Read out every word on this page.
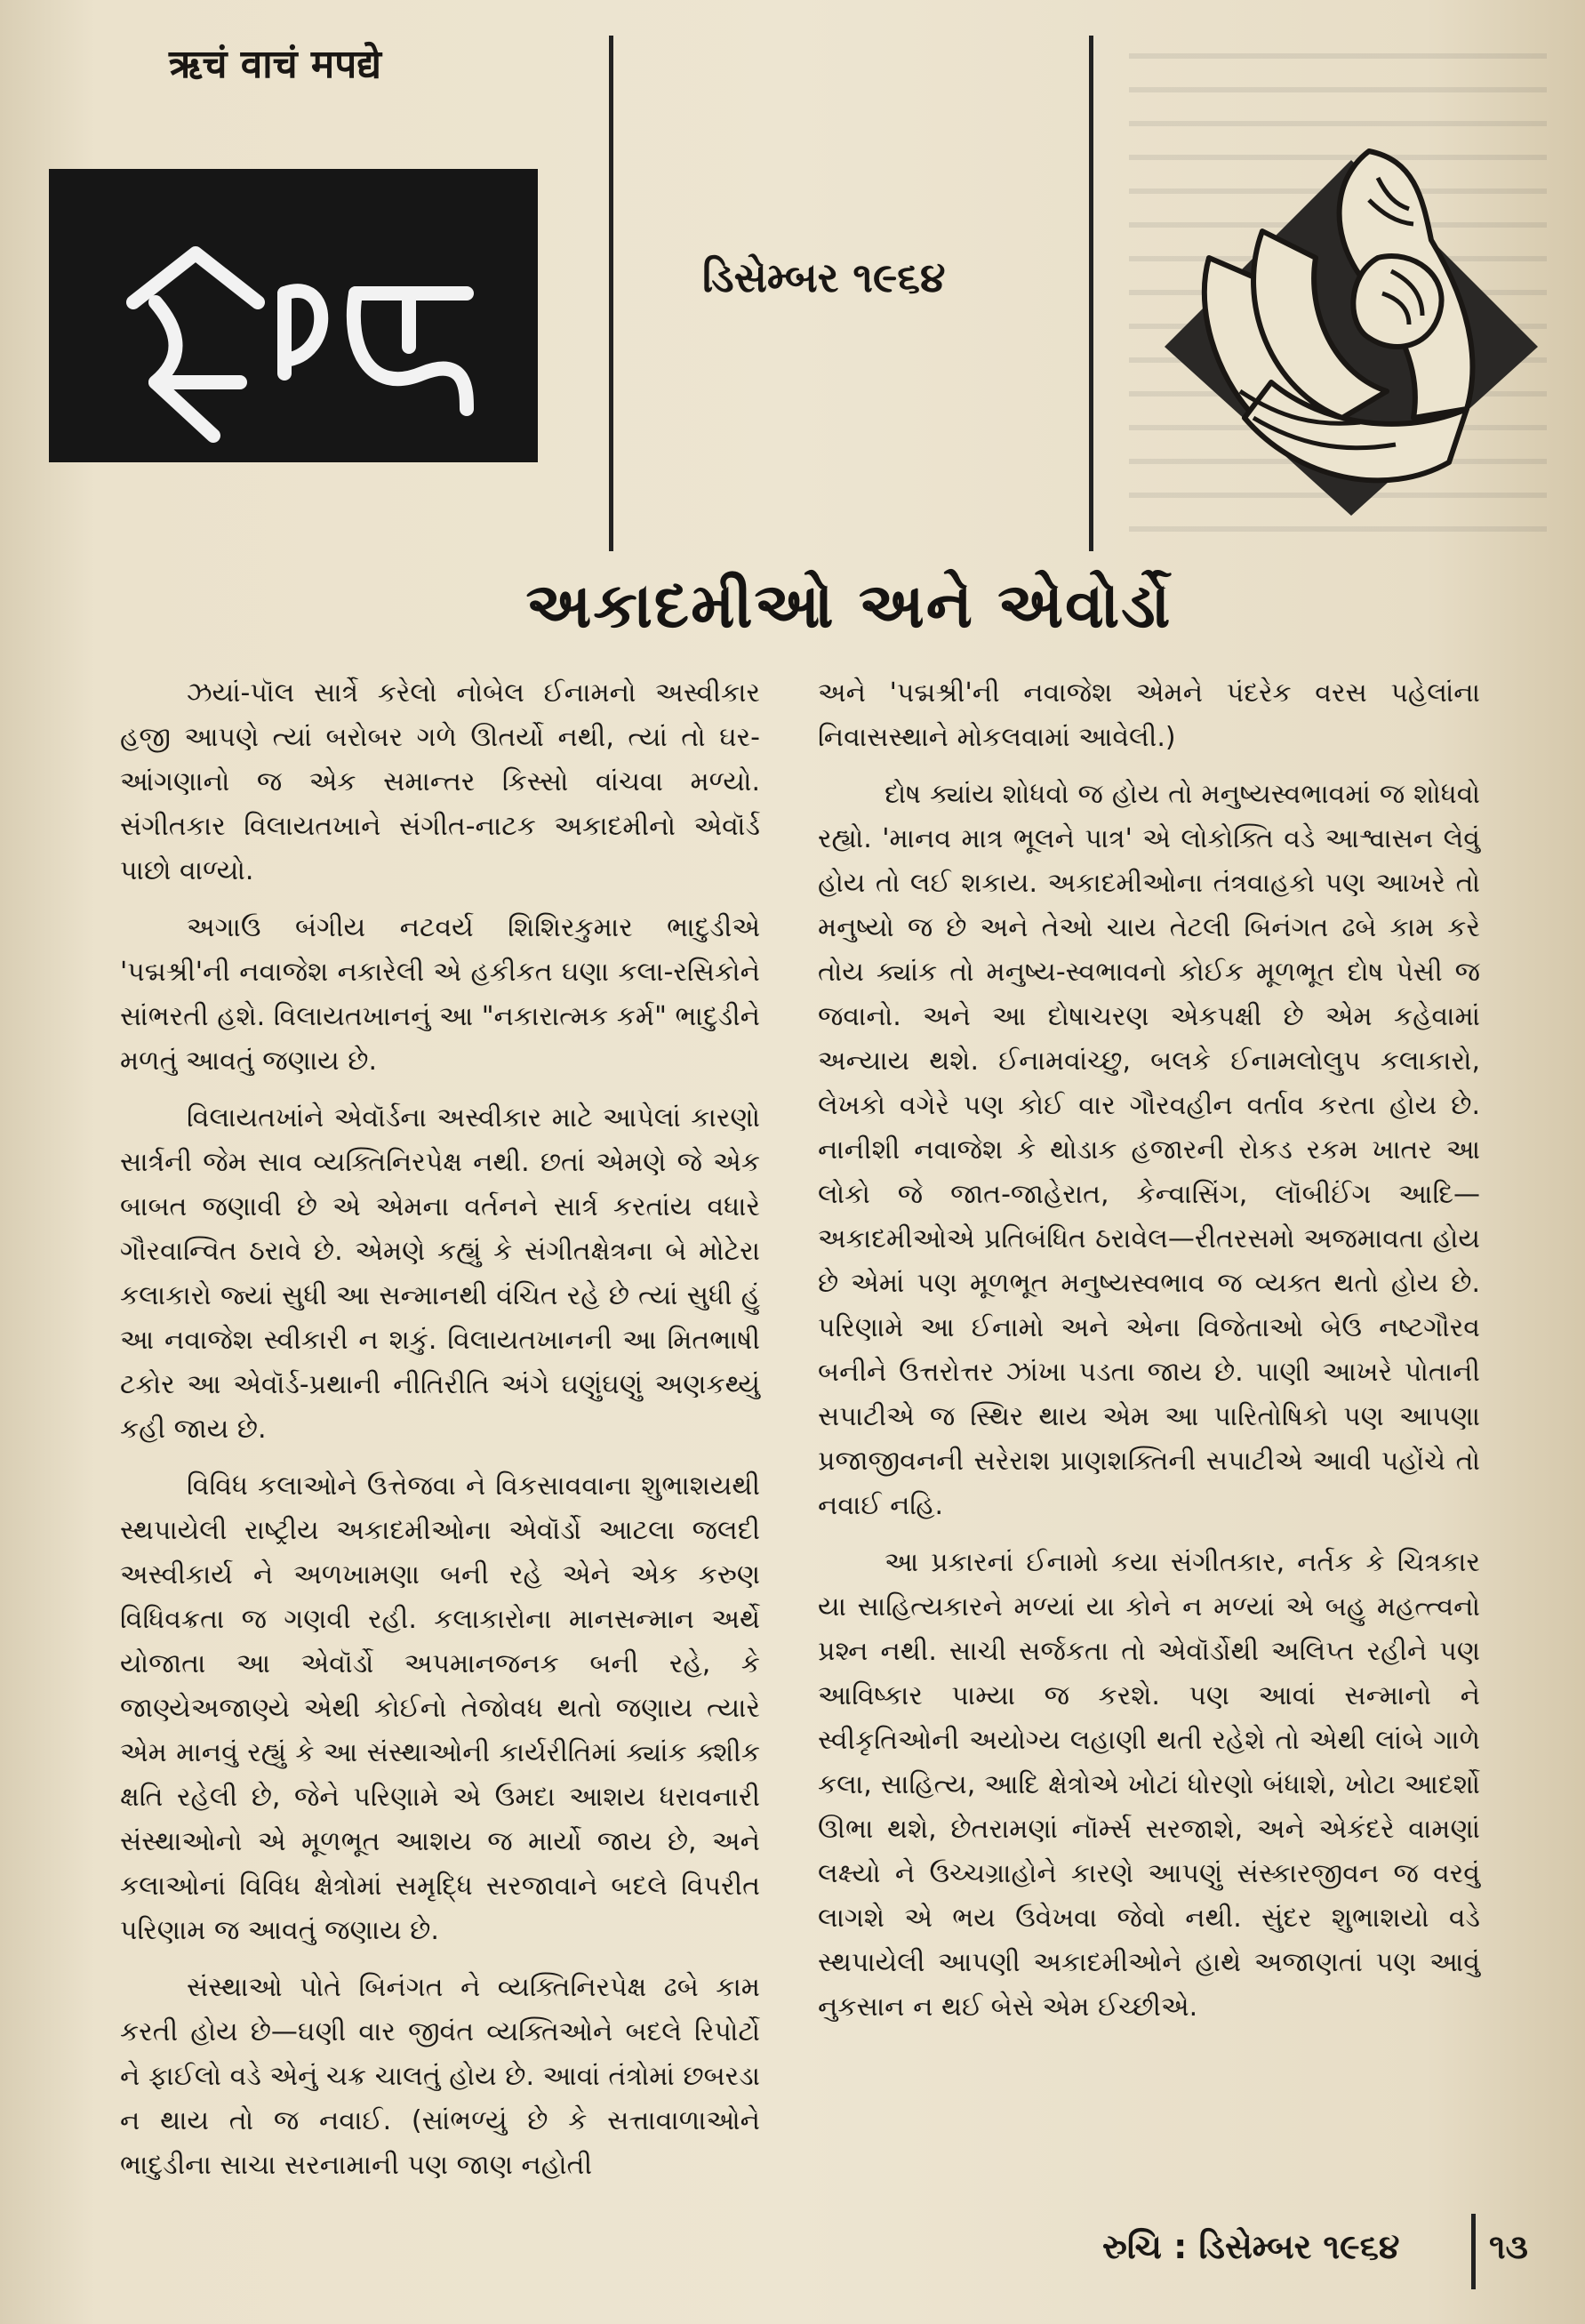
ऋचं वाचं मपद्ये
ડિસેમ્બર ૧૯૬૪
અકાદમીઓ અને એવોર્ડો

ઝયાં-પૉલ સાર્ત્રે કરેલો નોબેલ ઈનામનો અસ્વીકાર હજી આપણે ત્યાં બરોબર ગળે ઊતર્યો નથી, ત્યાં તો ઘર-આંગણાનો જ એક સમાન્તર કિસ્સો વાંચવા મળ્યો. સંગીતકાર વિલાયતખાને સંગીત-નાટક અકાદમીનો એવૉર્ડ પાછો વાળ્યો.

અગાઉ બંગીય નટવર્ય શિશિરકુમાર ભાદુડીએ 'પદ્મશ્રી'ની નવાજેશ નકારેલી એ હકીકત ઘણા કલા-રસિકોને સાંભરતી હશે. વિલાયતખાનનું આ "નકારાત્મક કર્મ" ભાદુડીને મળતું આવતું જણાય છે.

વિલાયતખાંને એવૉર્ડના અસ્વીકાર માટે આપેલાં કારણો સાર્ત્રની જેમ સાવ વ્યક્તિનિરપેક્ષ નથી. છતાં એમણે જે એક બાબત જણાવી છે એ એમના વર્તનને સાર્ત્ર કરતાંય વધારે ગૌરવાન્વિત ઠરાવે છે. એમણે કહ્યું કે સંગીતક્ષેત્રના બે મોટેરા કલાકારો જ્યાં સુધી આ સન્માનથી વંચિત રહે છે ત્યાં સુધી હું આ નવાજેશ સ્વીકારી ન શકું. વિલાયતખાનની આ મિતભાષી ટકોર આ એવૉર્ડ-પ્રથાની નીતિરીતિ અંગે ઘણુંઘણું અણકથ્યું કહી જાય છે.

વિવિધ કલાઓને ઉત્તેજવા ને વિકસાવવાના શુભાશયથી સ્થપાયેલી રાષ્ટ્રીય અકાદમીઓના એવૉર્ડો આટલા જલદી અસ્વીકાર્ય ને અળખામણા બની રહે એને એક કરુણ વિધિવક્રતા જ ગણવી રહી. કલાકારોના માનસન્માન અર્થે યોજાતા આ એવૉર્ડો અપમાનજનક બની રહે, કે જાણ્યેઅજાણ્યે એથી કોઈનો તેજોવધ થતો જણાય ત્યારે એમ માનવું રહ્યું કે આ સંસ્થાઓની કાર્યરીતિમાં ક્યાંક ક્શીક ક્ષતિ રહેલી છે, જેને પરિણામે એ ઉમદા આશય ધરાવનારી સંસ્થાઓનો એ મૂળભૂત આશય જ માર્યો જાય છે, અને કલાઓનાં વિવિધ ક્ષેત્રોમાં સમૃદ્ધિ સરજાવાને બદલે વિપરીત પરિણામ જ આવતું જણાય છે.

સંસ્થાઓ પોતે બિનંગત ને વ્યક્તિનિરપેક્ષ ઢબે કામ કરતી હોય છે—ઘણી વાર જીવંત વ્યક્તિઓને બદલે રિપોર્ટો ને ફાઈલો વડે એનું ચક્ર ચાલતું હોય છે. આવાં તંત્રોમાં છબરડા ન થાય તો જ નવાઈ. (સાંભળ્યું છે કે સત્તાવાળાઓને ભાદુડીના સાચા સરનામાની પણ જાણ નહોતી

અને 'પદ્મશ્રી'ની નવાજેશ એમને પંદરેક વરસ પહેલાંના નિવાસસ્થાને મોકલવામાં આવેલી.)

દોષ ક્યાંય શોધવો જ હોય તો મનુષ્યસ્વભાવમાં જ શોધવો રહ્યો. 'માનવ માત્ર ભૂલને પાત્ર' એ લોકોક્તિ વડે આશ્વાસન લેવું હોય તો લઈ શકાય. અકાદમીઓના તંત્રવાહકો પણ આખરે તો મનુષ્યો જ છે અને તેઓ ચાય તેટલી બિનંગત ઢબે કામ કરે તોય ક્યાંક તો મનુષ્ય-સ્વભાવનો કોઈક મૂળભૂત દોષ પેસી જ જવાનો. અને આ દોષાચરણ એકપક્ષી છે એમ કહેવામાં અન્યાય થશે. ઈનામવાંચ્છુ, બલકે ઈનામલોલુપ કલાકારો, લેખકો વગેરે પણ કોઈ વાર ગૌરવહીન વર્તાવ કરતા હોય છે. નાનીશી નવાજેશ કે થોડાક હજારની રોકડ રકમ ખાતર આ લોકો જે જાત-જાહેરાત, કેન્વાસિંગ, લૉબીઈંગ આદિ—અકાદમીઓએ પ્રતિબંધિત ઠરાવેલ—રીતરસમો અજમાવતા હોય છે એમાં પણ મૂળભૂત મનુષ્યસ્વભાવ જ વ્યક્ત થતો હોય છે. પરિણામે આ ઈનામો અને એના વિજેતાઓ બેઉ નષ્ટગૌરવ બનીને ઉત્તરોત્તર ઝાંખા પડતા જાય છે. પાણી આખરે પોતાની સપાટીએ જ સ્થિર થાય એમ આ પારિતોષિકો પણ આપણા પ્રજાજીવનની સરેરાશ પ્રાણશક્તિની સપાટીએ આવી પહોંચે તો નવાઈ નહિ.

આ પ્રકારનાં ઈનામો કયા સંગીતકાર, નર્તક કે ચિત્રકાર યા સાહિત્યકારને મળ્યાં યા કોને ન મળ્યાં એ બહુ મહત્ત્વનો પ્રશ્ન નથી. સાચી સર્જકતા તો એવૉર્ડોથી અલિપ્ત રહીને પણ આવિષ્કાર પામ્યા જ કરશે. પણ આવાં સન્માનો ને સ્વીકૃતિઓની અયોગ્ય લહાણી થતી રહેશે તો એથી લાંબે ગાળે કલા, સાહિત્ય, આદિ ક્ષેત્રોએ ખોટાં ધોરણો બંધાશે, ખોટા આદર્શો ઊભા થશે, છેતરામણાં નૉર્મ્સ સરજાશે, અને એકંદરે વામણાં લક્ષ્યો ને ઉચ્ચગ્રાહોને કારણે આપણું સંસ્કારજીવન જ વરવું લાગશે એ ભય ઉવેખવા જેવો નથી. સુંદર શુભાશયો વડે સ્થપાયેલી આપણી અકાદમીઓને હાથે અજાણતાં પણ આવું નુકસાન ન થઈ બેસે એમ ઈચ્છીએ.

રુચિ : ડિસેમ્બર ૧૯૬૪	૧૩
